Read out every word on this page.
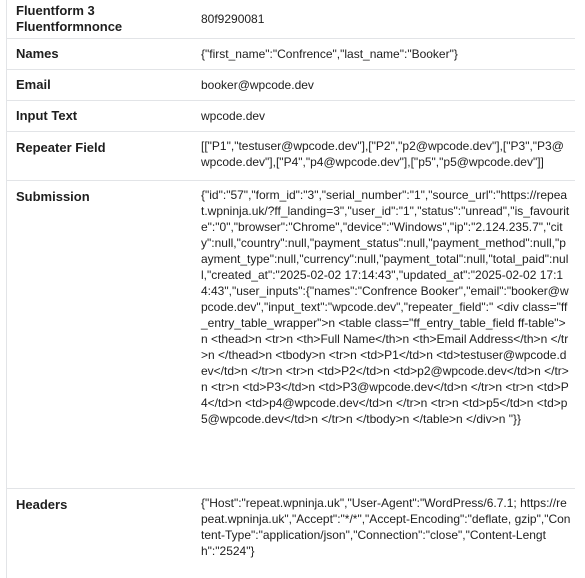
Fluentform 3 Fluentformnonce	80f9290081
Names	{"first_name":"Confrence","last_name":"Booker"}
Email	booker@wpcode.dev
Input Text	wpcode.dev
Repeater Field	[["P1","testuser@wpcode.dev"],["P2","p2@wpcode.dev"],["P3","P3@wpcode.dev"],["P4","p4@wpcode.dev"],["p5","p5@wpcode.dev"]]
Submission	{"id":"57","form_id":"3","serial_number":"1","source_url":"https://repeat.wpninja.uk/?ff_landing=3","user_id":"1","status":"unread","is_favourite":"0","browser":"Chrome","device":"Windows","ip":"2.124.235.7","city":null,"country":null,"payment_status":null,"payment_method":null,"payment_type":null,"currency":null,"payment_total":null,"total_paid":null,"created_at":"2025-02-02 17:14:43","updated_at":"2025-02-02 17:14:43","user_inputs":{"names":"Confrence Booker","email":"booker@wpcode.dev","input_text":"wpcode.dev","repeater_field":" <div class="ff_entry_table_wrapper">n <table class="ff_entry_table_field ff-table">n <thead>n <tr>n <th>Full Name</th>n <th>Email Address</th>n </tr>n </thead>n <tbody>n <tr>n <td>P1</td>n <td>testuser@wpcode.dev</td>n </tr>n <tr>n <td>P2</td>n <td>p2@wpcode.dev</td>n </tr>n <tr>n <td>P3</td>n <td>P3@wpcode.dev</td>n </tr>n <tr>n <td>P4</td>n <td>p4@wpcode.dev</td>n </tr>n <tr>n <td>p5</td>n <td>p5@wpcode.dev</td>n </tr>n </tbody>n </table>n </div>n "}}
Headers	{"Host":"repeat.wpninja.uk","User-Agent":"WordPress/6.7.1; https://repeat.wpninja.uk","Accept":"*/*","Accept-Encoding":"deflate, gzip","Content-Type":"application/json","Connection":"close","Content-Length":"2524"}
